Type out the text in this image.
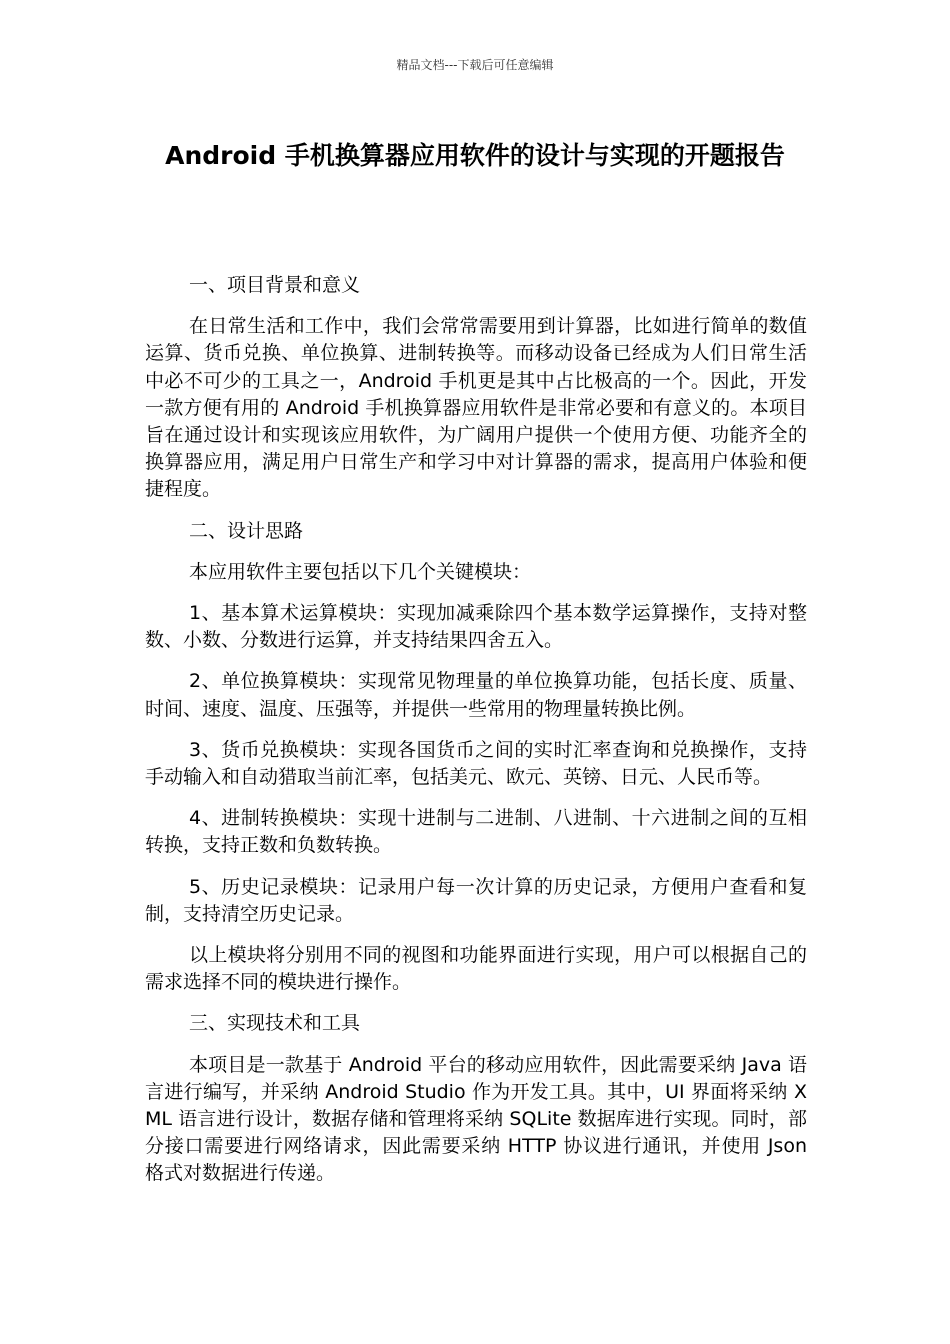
精品文档---下载后可任意编辑
Android 手机换算器应用软件的设计与实现的开题报告

一、项目背景和意义

在日常生活和工作中，我们会常常需要用到计算器，比如进行简单的数值运算、货币兑换、单位换算、进制转换等。而移动设备已经成为人们日常生活中必不可少的工具之一，Android 手机更是其中占比极高的一个。因此，开发一款方便有用的 Android 手机换算器应用软件是非常必要和有意义的。本项目旨在通过设计和实现该应用软件，为广阔用户提供一个使用方便、功能齐全的换算器应用，满足用户日常生产和学习中对计算器的需求，提高用户体验和便捷程度。

二、设计思路

本应用软件主要包括以下几个关键模块：

1、基本算术运算模块：实现加减乘除四个基本数学运算操作，支持对整数、小数、分数进行运算，并支持结果四舍五入。

2、单位换算模块：实现常见物理量的单位换算功能，包括长度、质量、时间、速度、温度、压强等，并提供一些常用的物理量转换比例。

3、货币兑换模块：实现各国货币之间的实时汇率查询和兑换操作，支持手动输入和自动猎取当前汇率，包括美元、欧元、英镑、日元、人民币等。

4、进制转换模块：实现十进制与二进制、八进制、十六进制之间的互相转换，支持正数和负数转换。

5、历史记录模块：记录用户每一次计算的历史记录，方便用户查看和复制，支持清空历史记录。

以上模块将分别用不同的视图和功能界面进行实现，用户可以根据自己的需求选择不同的模块进行操作。

三、实现技术和工具

本项目是一款基于 Android 平台的移动应用软件，因此需要采纳 Java 语言进行编写，并采纳 Android Studio 作为开发工具。其中，UI 界面将采纳 XML 语言进行设计，数据存储和管理将采纳 SQLite 数据库进行实现。同时，部分接口需要进行网络请求，因此需要采纳 HTTP 协议进行通讯，并使用 Json 格式对数据进行传递。
